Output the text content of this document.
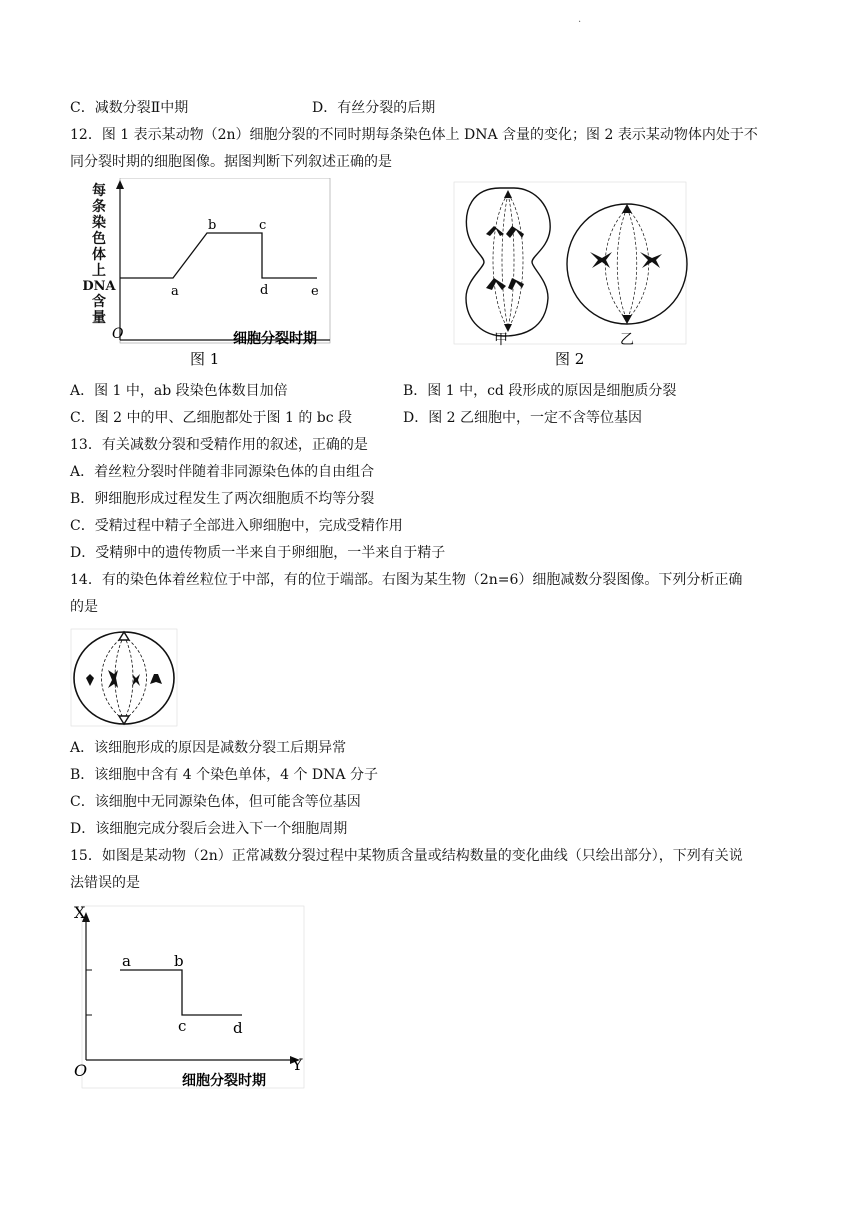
.
C．减数分裂Ⅱ中期	D．有丝分裂的后期
12．图 1 表示某动物（2n）细胞分裂的不同时期每条染色体上 DNA 含量的变化；图 2 表示某动物体内处于不
同分裂时期的细胞图像。据图判断下列叙述正确的是
每
条
染
色
体
上
DNA
含
量
O
a
b	c
d	e
细胞分裂时期
图 1
甲	乙
图 2
A．图 1 中，ab 段染色体数目加倍	B．图 1 中，cd 段形成的原因是细胞质分裂
C．图 2 中的甲、乙细胞都处于图 1 的 bc 段	D．图 2 乙细胞中，一定不含等位基因
13．有关减数分裂和受精作用的叙述，正确的是
A．着丝粒分裂时伴随着非同源染色体的自由组合
B．卵细胞形成过程发生了两次细胞质不均等分裂
C．受精过程中精子全部进入卵细胞中，完成受精作用
D．受精卵中的遗传物质一半来自于卵细胞，一半来自于精子
14．有的染色体着丝粒位于中部，有的位于端部。右图为某生物（2n=6）细胞减数分裂图像。下列分析正确
的是
A．该细胞形成的原因是减数分裂工后期异常
B．该细胞中含有 4 个染色单体，4 个 DNA 分子
C．该细胞中无同源染色体，但可能含等位基因
D．该细胞完成分裂后会进入下一个细胞周期
15．如图是某动物（2n）正常减数分裂过程中某物质含量或结构数量的变化曲线（只绘出部分），下列有关说
法错误的是
X
O
a	b
c	d
细胞分裂时期
Y
